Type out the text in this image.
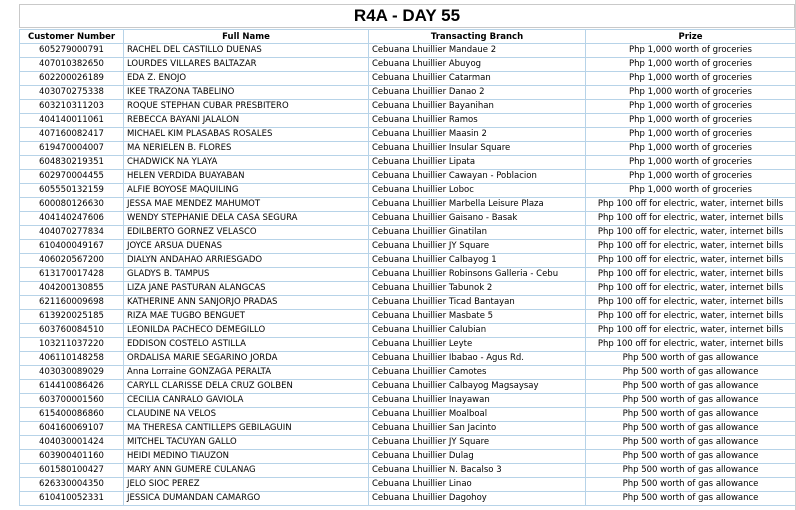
R4A - DAY 55
Customer Number	Full Name	Transacting Branch	Prize
605279000791	RACHEL DEL CASTILLO DUENAS	Cebuana Lhuillier Mandaue 2	Php 1,000 worth of groceries
407010382650	LOURDES VILLARES BALTAZAR	Cebuana Lhuillier Abuyog	Php 1,000 worth of groceries
602200026189	EDA Z. ENOJO	Cebuana Lhuillier Catarman	Php 1,000 worth of groceries
403070275338	IKEE TRAZONA TABELINO	Cebuana Lhuillier Danao 2	Php 1,000 worth of groceries
603210311203	ROQUE STEPHAN CUBAR PRESBITERO	Cebuana Lhuillier Bayanihan	Php 1,000 worth of groceries
404140011061	REBECCA BAYANI JALALON	Cebuana Lhuillier Ramos	Php 1,000 worth of groceries
407160082417	MICHAEL KIM PLASABAS ROSALES	Cebuana Lhuillier Maasin 2	Php 1,000 worth of groceries
619470004007	MA NERIELEN B. FLORES	Cebuana Lhuillier Insular Square	Php 1,000 worth of groceries
604830219351	CHADWICK NA YLAYA	Cebuana Lhuillier Lipata	Php 1,000 worth of groceries
602970004455	HELEN VERDIDA BUAYABAN	Cebuana Lhuillier Cawayan - Poblacion	Php 1,000 worth of groceries
605550132159	ALFIE BOYOSE MAQUILING	Cebuana Lhuillier Loboc	Php 1,000 worth of groceries
600080126630	JESSA MAE MENDEZ MAHUMOT	Cebuana Lhuillier Marbella Leisure Plaza	Php 100 off for electric, water, internet bills
404140247606	WENDY STEPHANIE DELA CASA SEGURA	Cebuana Lhuillier Gaisano - Basak	Php 100 off for electric, water, internet bills
404070277834	EDILBERTO GORNEZ VELASCO	Cebuana Lhuillier Ginatilan	Php 100 off for electric, water, internet bills
610400049167	JOYCE ARSUA DUENAS	Cebuana Lhuillier JY Square	Php 100 off for electric, water, internet bills
406020567200	DIALYN ANDAHAO ARRIESGADO	Cebuana Lhuillier Calbayog 1	Php 100 off for electric, water, internet bills
613170017428	GLADYS B. TAMPUS	Cebuana Lhuillier Robinsons Galleria - Cebu	Php 100 off for electric, water, internet bills
404200130855	LIZA JANE PASTURAN ALANGCAS	Cebuana Lhuillier Tabunok 2	Php 100 off for electric, water, internet bills
621160009698	KATHERINE ANN SANJORJO PRADAS	Cebuana Lhuillier Ticad Bantayan	Php 100 off for electric, water, internet bills
613920025185	RIZA MAE TUGBO BENGUET	Cebuana Lhuillier Masbate 5	Php 100 off for electric, water, internet bills
603760084510	LEONILDA PACHECO DEMEGILLO	Cebuana Lhuillier Calubian	Php 100 off for electric, water, internet bills
103211037220	EDDISON COSTELO ASTILLA	Cebuana Lhuillier Leyte	Php 100 off for electric, water, internet bills
406110148258	ORDALISA MARIE SEGARINO JORDA	Cebuana Lhuillier Ibabao - Agus Rd.	Php 500 worth of gas allowance
403030089029	Anna Lorraine GONZAGA PERALTA	Cebuana Lhuillier Camotes	Php 500 worth of gas allowance
614410086426	CARYLL CLARISSE DELA CRUZ GOLBEN	Cebuana Lhuillier Calbayog Magsaysay	Php 500 worth of gas allowance
603700001560	CECILIA CANRALO GAVIOLA	Cebuana Lhuillier Inayawan	Php 500 worth of gas allowance
615400086860	CLAUDINE NA VELOS	Cebuana Lhuillier Moalboal	Php 500 worth of gas allowance
604160069107	MA THERESA CANTILLEPS GEBILAGUIN	Cebuana Lhuillier San Jacinto	Php 500 worth of gas allowance
404030001424	MITCHEL TACUYAN GALLO	Cebuana Lhuillier JY Square	Php 500 worth of gas allowance
603900401160	HEIDI MEDINO TIAUZON	Cebuana Lhuillier Dulag	Php 500 worth of gas allowance
601580100427	MARY ANN GUMERE CULANAG	Cebuana Lhuillier N. Bacalso 3	Php 500 worth of gas allowance
626330004350	JELO SIOC PEREZ	Cebuana Lhuillier Linao	Php 500 worth of gas allowance
610410052331	JESSICA DUMANDAN CAMARGO	Cebuana Lhuillier Dagohoy	Php 500 worth of gas allowance
